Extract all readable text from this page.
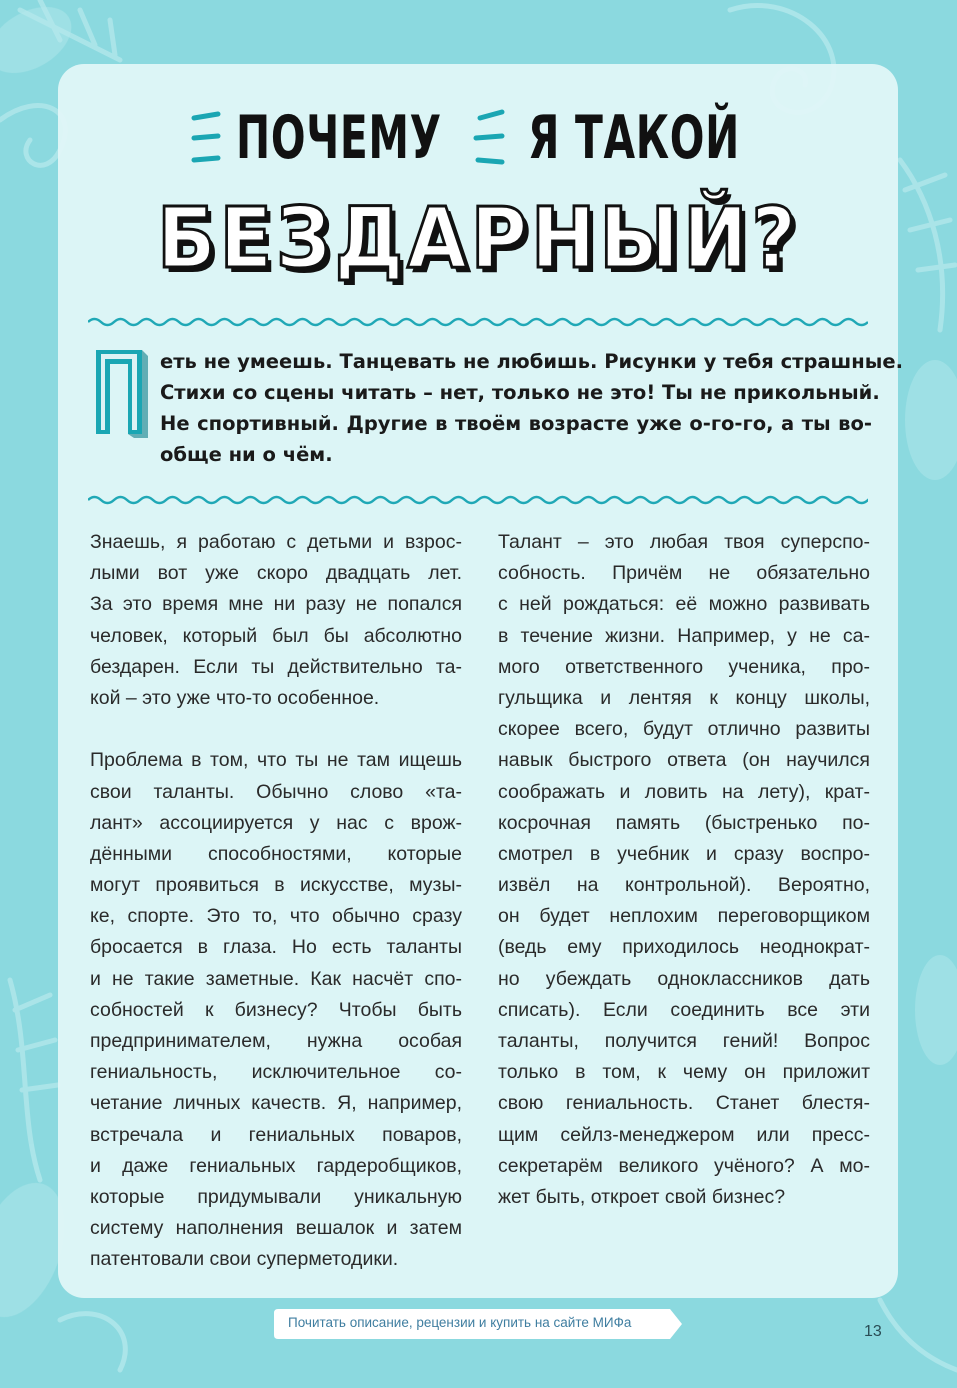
ПОЧЕМУ Я ТАКОЙ
БЕЗДАРНЫЙ?
еть не умеешь. Танцевать не любишь. Рисунки у тебя страшные.
Стихи со сцены читать – нет, только не это! Ты не прикольный.
Не спортивный. Другие в твоём возрасте уже о-го-го, а ты во-
обще ни о чём.
Знаешь, я работаю с детьми и взрос-
лыми вот уже скоро двадцать лет.
За это время мне ни разу не попался
человек, который был бы абсолютно
бездарен. Если ты действительно та-
кой – это уже что-то особенное.
Проблема в том, что ты не там ищешь
свои таланты. Обычно слово «та-
лант» ассоциируется у нас с врож-
дёнными способностями, которые
могут проявиться в искусстве, музы-
ке, спорте. Это то, что обычно сразу
бросается в глаза. Но есть таланты
и не такие заметные. Как насчёт спо-
собностей к бизнесу? Чтобы быть
предпринимателем, нужна особая
гениальность, исключительное со-
четание личных качеств. Я, например,
встречала и гениальных поваров,
и даже гениальных гардеробщиков,
которые придумывали уникальную
систему наполнения вешалок и затем
патентовали свои суперметодики.
Талант – это любая твоя суперспо-
собность. Причём не обязательно
с ней рождаться: её можно развивать
в течение жизни. Например, у не са-
мого ответственного ученика, про-
гульщика и лентяя к концу школы,
скорее всего, будут отлично развиты
навык быстрого ответа (он научился
соображать и ловить на лету), крат-
косрочная память (быстренько по-
смотрел в учебник и сразу воспро-
извёл на контрольной). Вероятно,
он будет неплохим переговорщиком
(ведь ему приходилось неоднократ-
но убеждать одноклассников дать
списать). Если соединить все эти
таланты, получится гений! Вопрос
только в том, к чему он приложит
свою гениальность. Станет блестя-
щим сейлз-менеджером или пресс-
секретарём великого учёного? А мо-
жет быть, откроет свой бизнес?
Почитать описание, рецензии и купить на сайте МИФа
13
